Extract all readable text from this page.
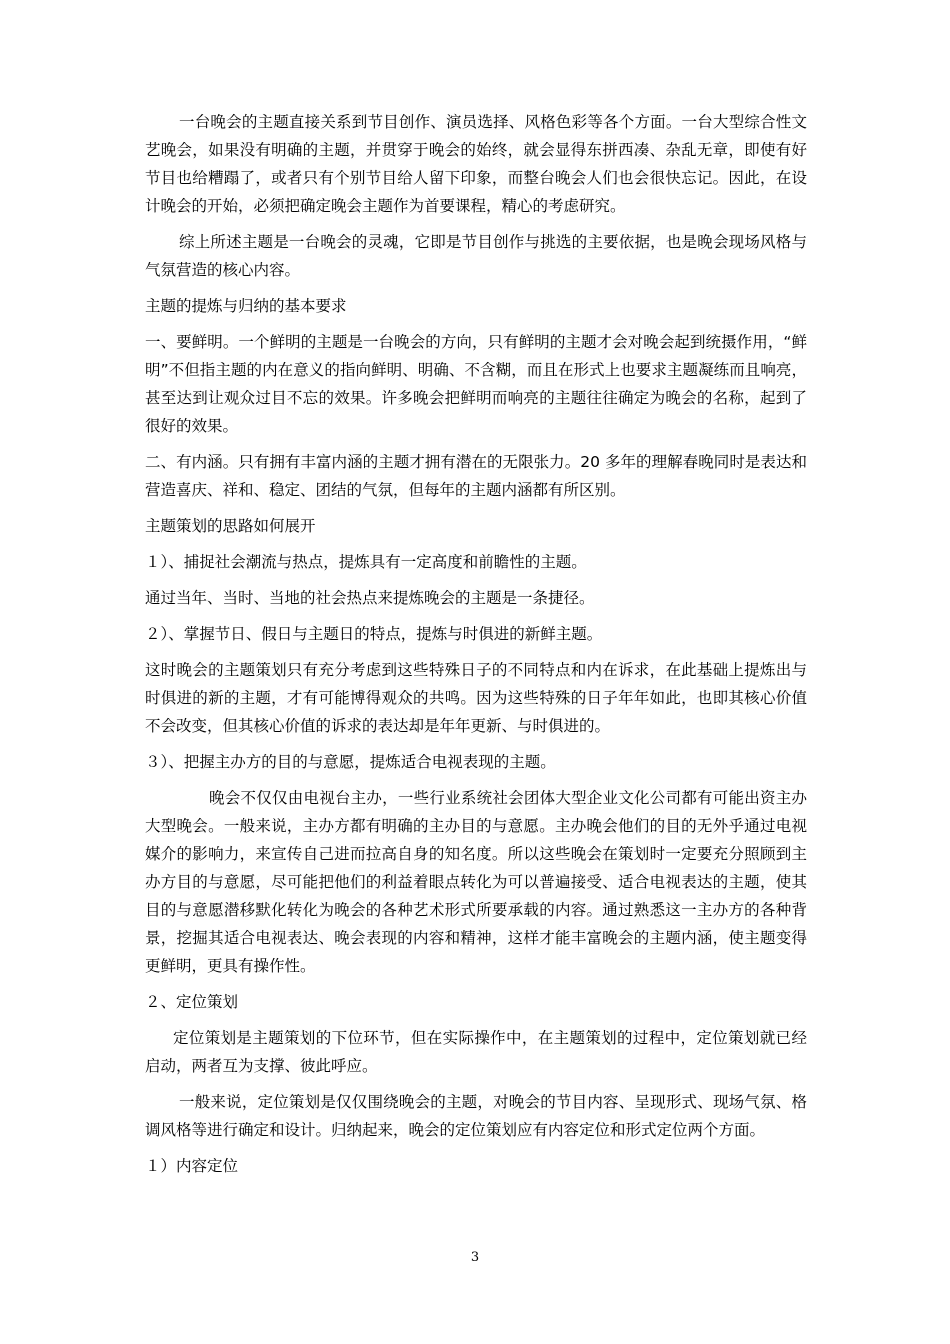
一台晚会的主题直接关系到节目创作、演员选择、风格色彩等各个方面。一台大型综合性文艺晚会，如果没有明确的主题，并贯穿于晚会的始终，就会显得东拼西凑、杂乱无章，即使有好节目也给糟蹋了，或者只有个别节目给人留下印象，而整台晚会人们也会很快忘记。因此，在设计晚会的开始，必须把确定晚会主题作为首要课程，精心的考虑研究。

综上所述主题是一台晚会的灵魂，它即是节目创作与挑选的主要依据，也是晚会现场风格与气氛营造的核心内容。

主题的提炼与归纳的基本要求

一、要鲜明。一个鲜明的主题是一台晚会的方向，只有鲜明的主题才会对晚会起到统摄作用，“鲜明”不但指主题的内在意义的指向鲜明、明确、不含糊，而且在形式上也要求主题凝练而且响亮，甚至达到让观众过目不忘的效果。许多晚会把鲜明而响亮的主题往往确定为晚会的名称，起到了很好的效果。

二、有内涵。只有拥有丰富内涵的主题才拥有潜在的无限张力。20 多年的理解春晚同时是表达和营造喜庆、祥和、稳定、团结的气氛，但每年的主题内涵都有所区别。

主题策划的思路如何展开

１）、捕捉社会潮流与热点，提炼具有一定高度和前瞻性的主题。

通过当年、当时、当地的社会热点来提炼晚会的主题是一条捷径。

２）、掌握节日、假日与主题日的特点，提炼与时俱进的新鲜主题。

这时晚会的主题策划只有充分考虑到这些特殊日子的不同特点和内在诉求，在此基础上提炼出与时俱进的新的主题，才有可能博得观众的共鸣。因为这些特殊的日子年年如此，也即其核心价值不会改变，但其核心价值的诉求的表达却是年年更新、与时俱进的。

３）、把握主办方的目的与意愿，提炼适合电视表现的主题。

晚会不仅仅由电视台主办，一些行业系统社会团体大型企业文化公司都有可能出资主办大型晚会。一般来说，主办方都有明确的主办目的与意愿。主办晚会他们的目的无外乎通过电视媒介的影响力，来宣传自己进而拉高自身的知名度。所以这些晚会在策划时一定要充分照顾到主办方目的与意愿，尽可能把他们的利益着眼点转化为可以普遍接受、适合电视表达的主题，使其目的与意愿潜移默化转化为晚会的各种艺术形式所要承载的内容。通过熟悉这一主办方的各种背景，挖掘其适合电视表达、晚会表现的内容和精神，这样才能丰富晚会的主题内涵，使主题变得更鲜明，更具有操作性。

２、定位策划

定位策划是主题策划的下位环节，但在实际操作中，在主题策划的过程中，定位策划就已经启动，两者互为支撑、彼此呼应。

一般来说，定位策划是仅仅围绕晚会的主题，对晚会的节目内容、呈现形式、现场气氛、格调风格等进行确定和设计。归纳起来，晚会的定位策划应有内容定位和形式定位两个方面。

１）内容定位

3
